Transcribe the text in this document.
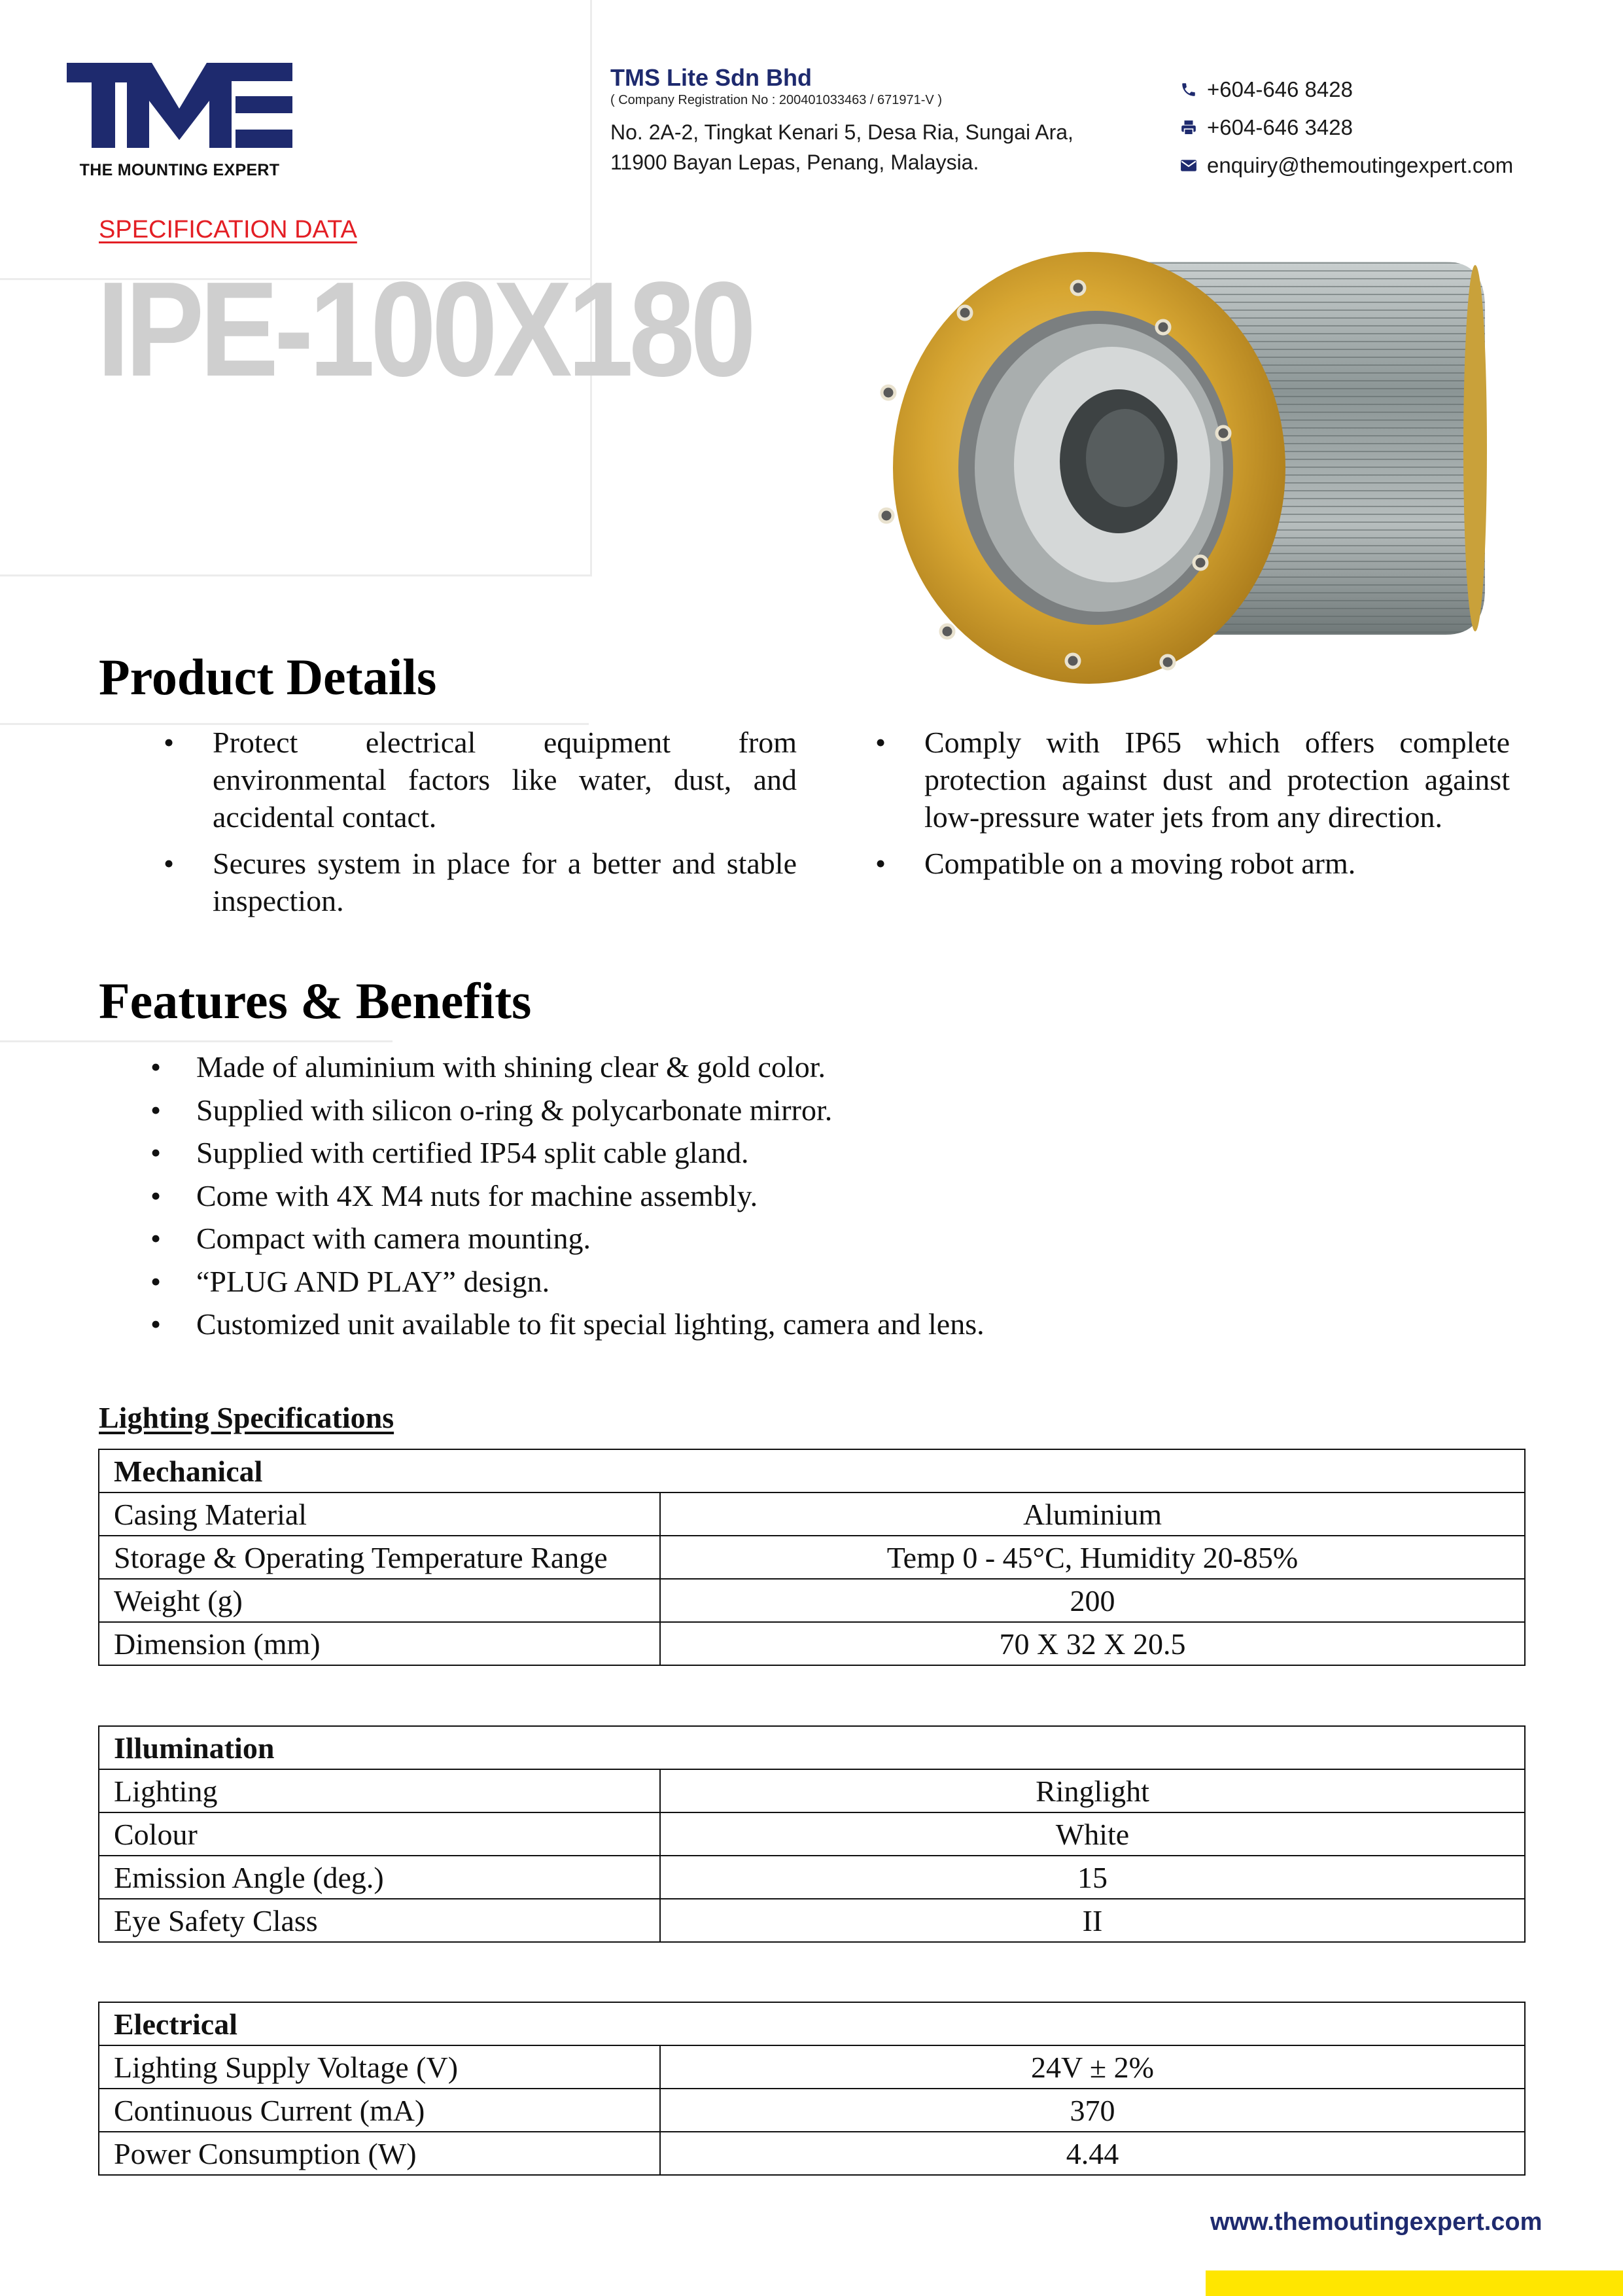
THE MOUNTING EXPERT
TMS Lite Sdn Bhd
( Company Registration No : 200401033463 / 671971-V )
No. 2A-2, Tingkat Kenari 5, Desa Ria, Sungai Ara,
11900 Bayan Lepas, Penang, Malaysia.
+604-646 8428
+604-646 3428
enquiry@themoutingexpert.com
SPECIFICATION DATA
IPE-100X180
Product Details
• Protect electrical equipment from environmental factors like water, dust, and accidental contact.
• Secures system in place for a better and stable inspection.
• Comply with IP65 which offers complete protection against dust and protection against low-pressure water jets from any direction.
• Compatible on a moving robot arm.
Features & Benefits
• Made of aluminium with shining clear & gold color.
• Supplied with silicon o-ring & polycarbonate mirror.
• Supplied with certified IP54 split cable gland.
• Come with 4X M4 nuts for machine assembly.
• Compact with camera mounting.
• “PLUG AND PLAY” design.
• Customized unit available to fit special lighting, camera and lens.
Lighting Specifications
Mechanical	
Casing Material	Aluminium
Storage & Operating Temperature Range	Temp 0 - 45°C, Humidity 20-85%
Weight (g)	200
Dimension (mm)	70 X 32 X 20.5
Illumination	
Lighting	Ringlight
Colour	White
Emission Angle (deg.)	15
Eye Safety Class	II
Electrical	
Lighting Supply Voltage (V)	24V ± 2%
Continuous Current (mA)	370
Power Consumption (W)	4.44
www.themoutingexpert.com
